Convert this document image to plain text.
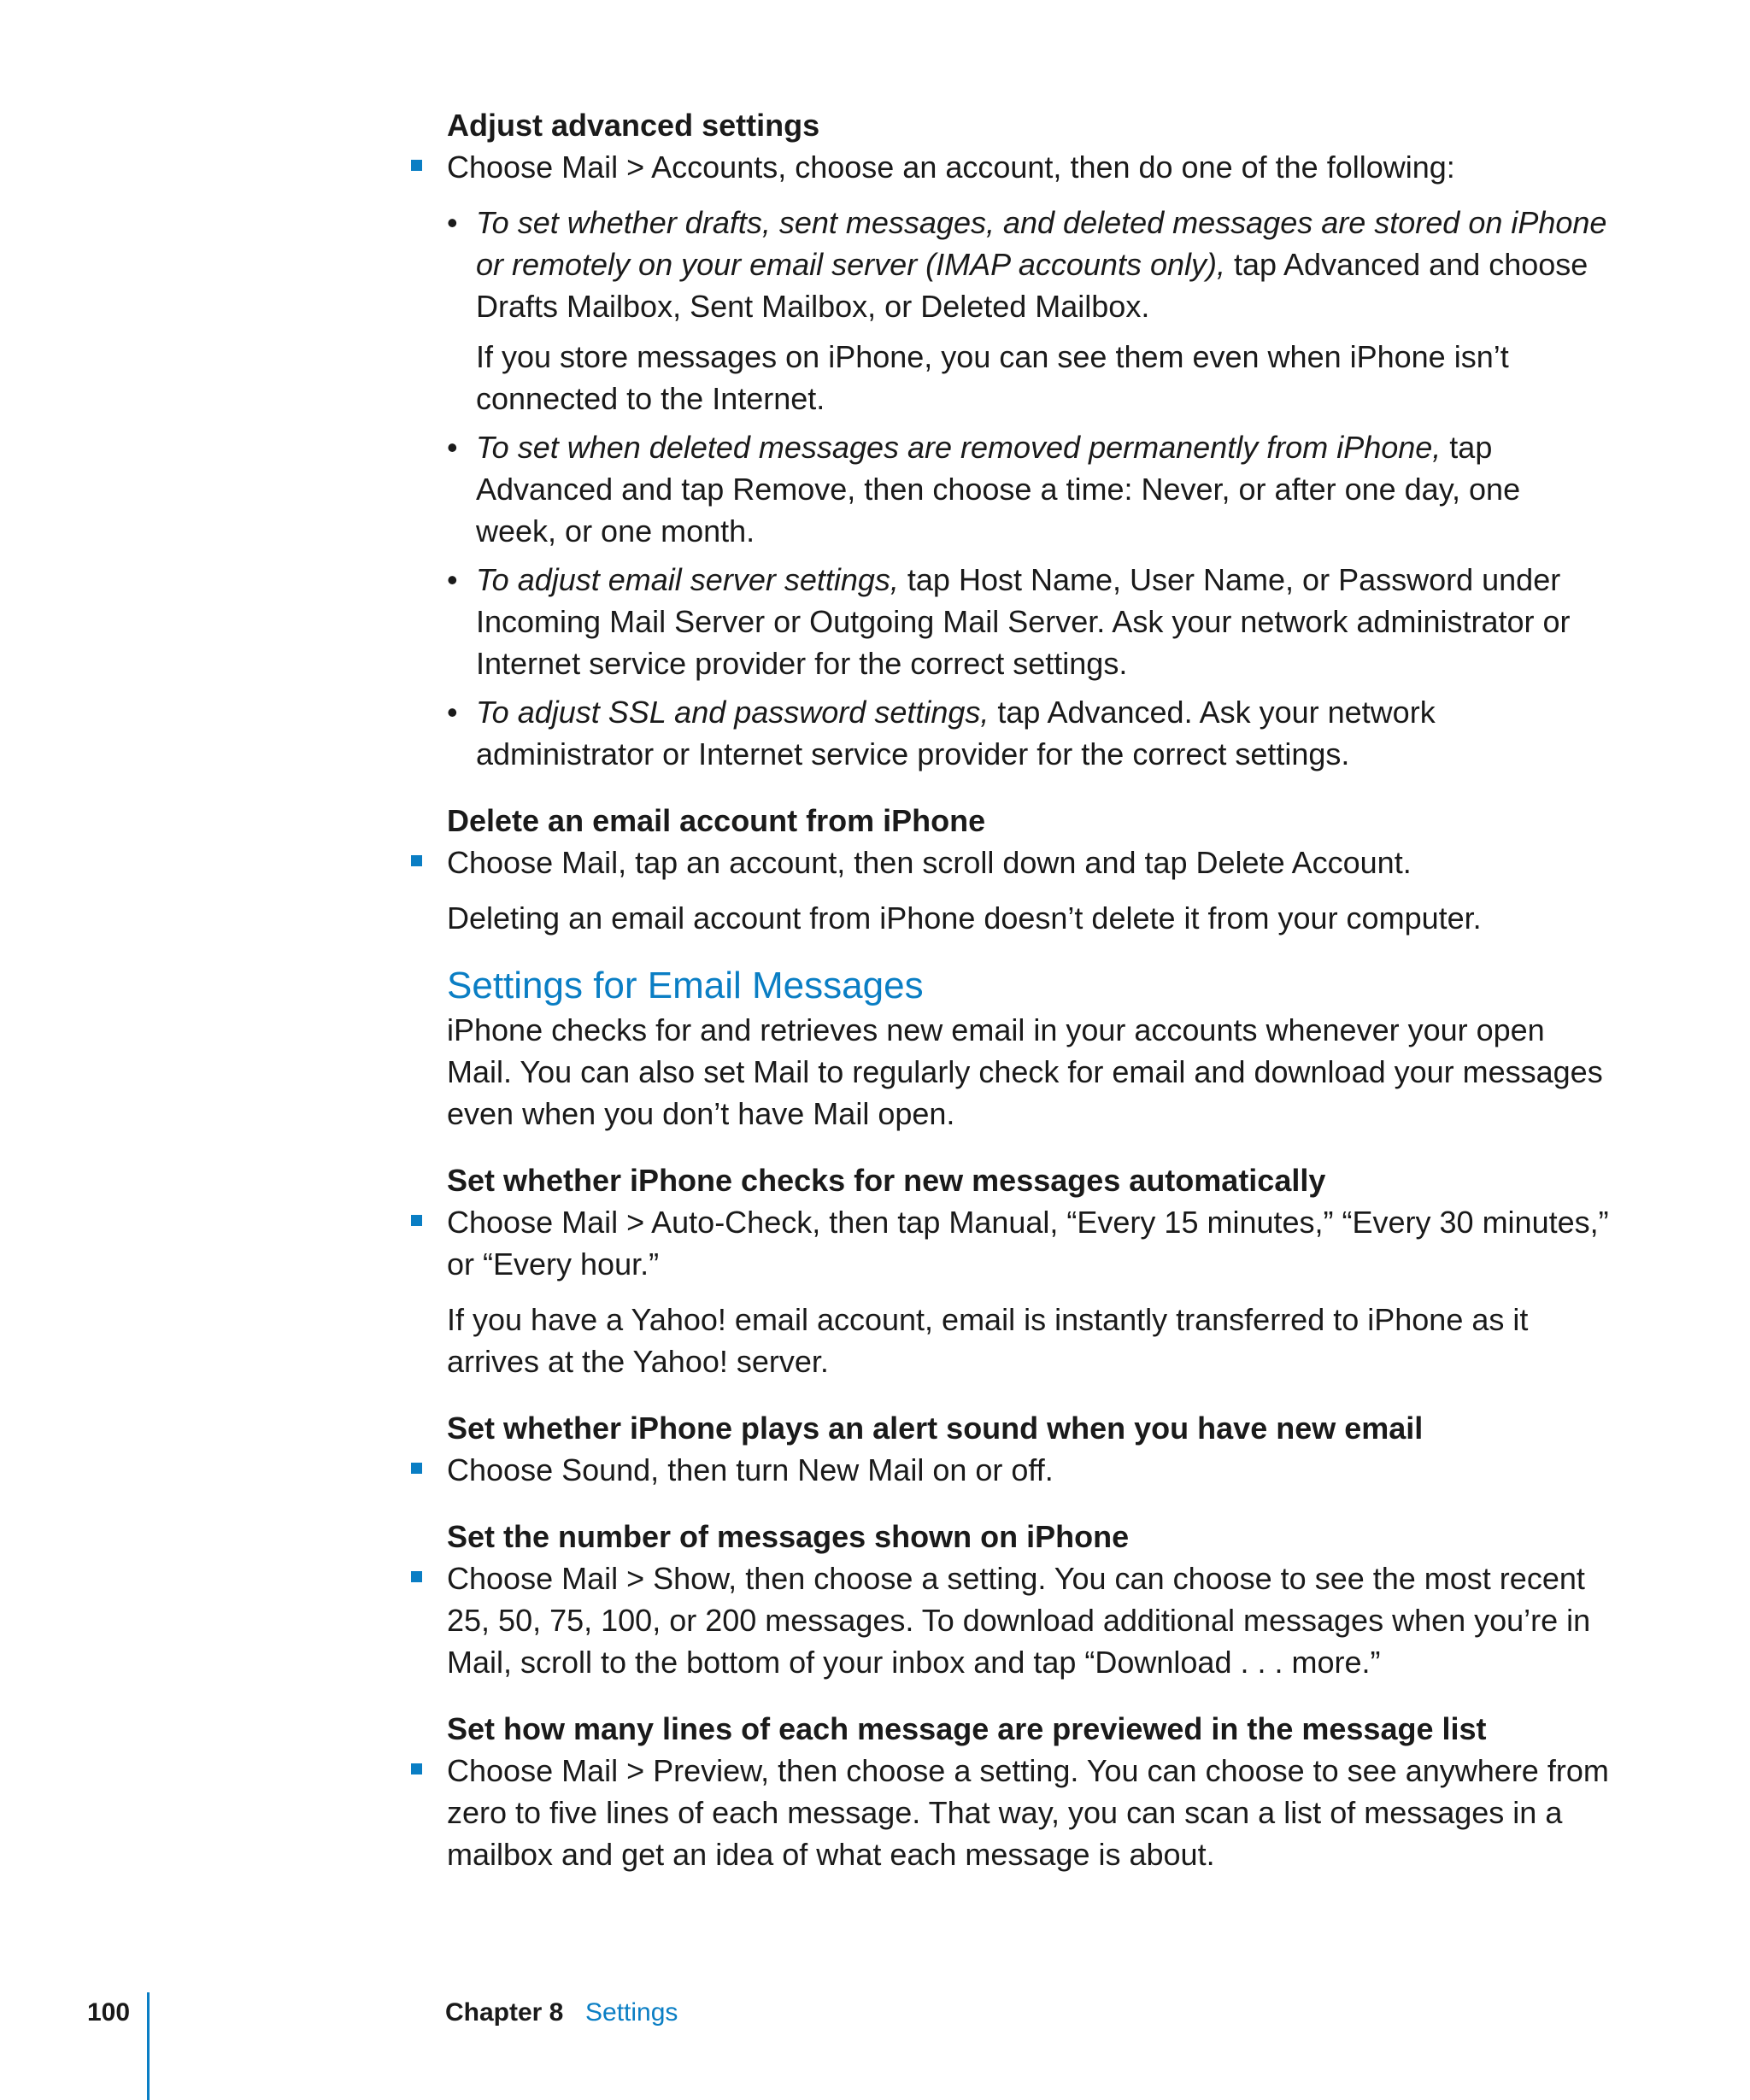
Adjust advanced settings

Choose Mail > Accounts, choose an account, then do one of the following:

• To set whether drafts, sent messages, and deleted messages are stored on iPhone or remotely on your email server (IMAP accounts only), tap Advanced and choose Drafts Mailbox, Sent Mailbox, or Deleted Mailbox.
If you store messages on iPhone, you can see them even when iPhone isn’t connected to the Internet.
• To set when deleted messages are removed permanently from iPhone, tap Advanced and tap Remove, then choose a time: Never, or after one day, one week, or one month.
• To adjust email server settings, tap Host Name, User Name, or Password under Incoming Mail Server or Outgoing Mail Server. Ask your network administrator or Internet service provider for the correct settings.
• To adjust SSL and password settings, tap Advanced. Ask your network administrator or Internet service provider for the correct settings.

Delete an email account from iPhone

Choose Mail, tap an account, then scroll down and tap Delete Account.

Deleting an email account from iPhone doesn’t delete it from your computer.

Settings for Email Messages

iPhone checks for and retrieves new email in your accounts whenever your open Mail. You can also set Mail to regularly check for email and download your messages even when you don’t have Mail open.

Set whether iPhone checks for new messages automatically

Choose Mail > Auto-Check, then tap Manual, “Every 15 minutes,” “Every 30 minutes,” or “Every hour.”

If you have a Yahoo! email account, email is instantly transferred to iPhone as it arrives at the Yahoo! server.

Set whether iPhone plays an alert sound when you have new email

Choose Sound, then turn New Mail on or off.

Set the number of messages shown on iPhone

Choose Mail > Show, then choose a setting. You can choose to see the most recent 25, 50, 75, 100, or 200 messages. To download additional messages when you’re in Mail, scroll to the bottom of your inbox and tap “Download . . . more.”

Set how many lines of each message are previewed in the message list

Choose Mail > Preview, then choose a setting. You can choose to see anywhere from zero to five lines of each message. That way, you can scan a list of messages in a mailbox and get an idea of what each message is about.

100	Chapter 8 Settings
